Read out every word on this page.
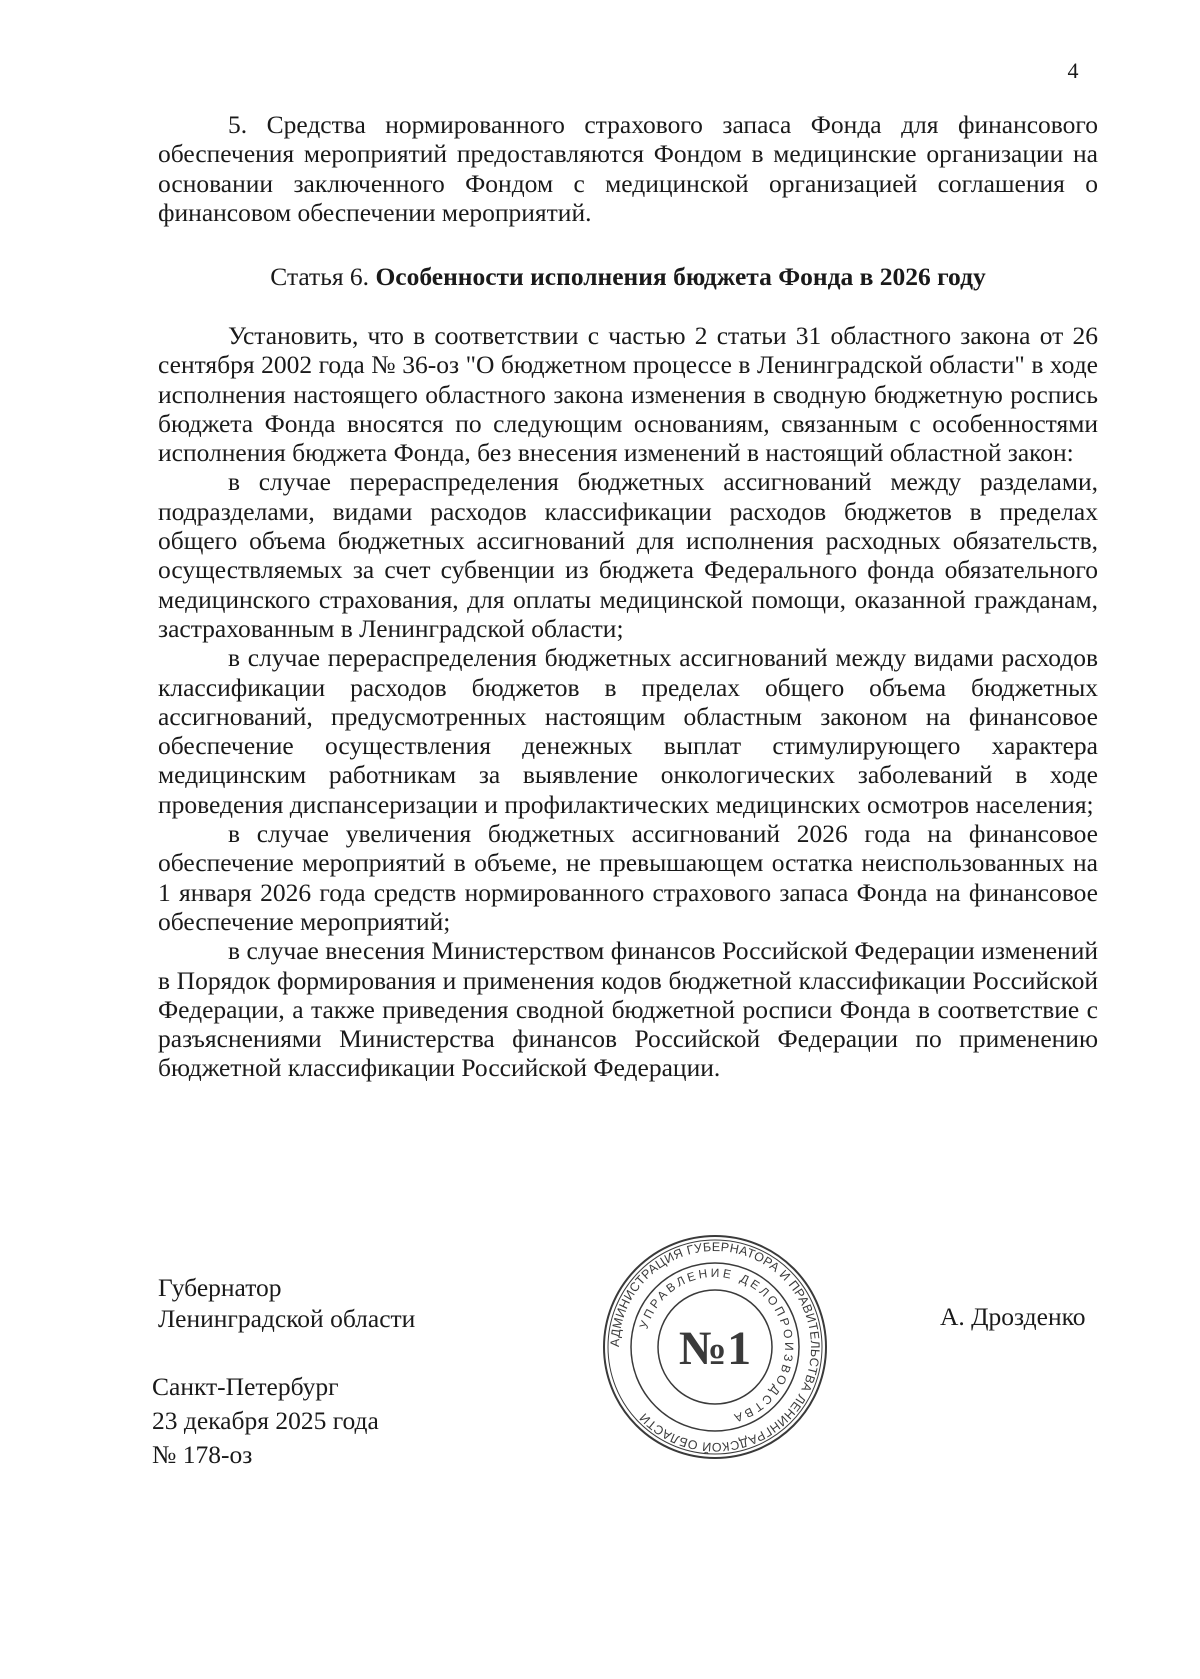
4

5. Средства нормированного страхового запаса Фонда для финансового обеспечения мероприятий предоставляются Фондом в медицинские организации на основании заключенного Фондом с медицинской организацией соглашения о финансовом обеспечении мероприятий.

Статья 6. Особенности исполнения бюджета Фонда в 2026 году

Установить, что в соответствии с частью 2 статьи 31 областного закона от 26 сентября 2002 года № 36-оз "О бюджетном процессе в Ленинградской области" в ходе исполнения настоящего областного закона изменения в сводную бюджетную роспись бюджета Фонда вносятся по следующим основаниям, связанным с особенностями исполнения бюджета Фонда, без внесения изменений в настоящий областной закон:

в случае перераспределения бюджетных ассигнований между разделами, подразделами, видами расходов классификации расходов бюджетов в пределах общего объема бюджетных ассигнований для исполнения расходных обязательств, осуществляемых за счет субвенции из бюджета Федерального фонда обязательного медицинского страхования, для оплаты медицинской помощи, оказанной гражданам, застрахованным в Ленинградской области;

в случае перераспределения бюджетных ассигнований между видами расходов классификации расходов бюджетов в пределах общего объема бюджетных ассигнований, предусмотренных настоящим областным законом на финансовое обеспечение осуществления денежных выплат стимулирующего характера медицинским работникам за выявление онкологических заболеваний в ходе проведения диспансеризации и профилактических медицинских осмотров населения;

в случае увеличения бюджетных ассигнований 2026 года на финансовое обеспечение мероприятий в объеме, не превышающем остатка неиспользованных на 1 января 2026 года средств нормированного страхового запаса Фонда на финансовое обеспечение мероприятий;

в случае внесения Министерством финансов Российской Федерации изменений в Порядок формирования и применения кодов бюджетной классификации Российской Федерации, а также приведения сводной бюджетной росписи Фонда в соответствие с разъяснениями Министерства финансов Российской Федерации по применению бюджетной классификации Российской Федерации.

Губернатор
Ленинградской области	А. Дрозденко
Санкт-Петербург
23 декабря 2025 года
№ 178-оз
АДМИНИСТРАЦИЯ ГУБЕРНАТОРА И ПРАВИТЕЛЬСТВА ЛЕНИНГРАДСКОЙ ОБЛАСТИ
УПРАВЛЕНИЕ ДЕЛОПРОИЗВОДСТВА
№1
